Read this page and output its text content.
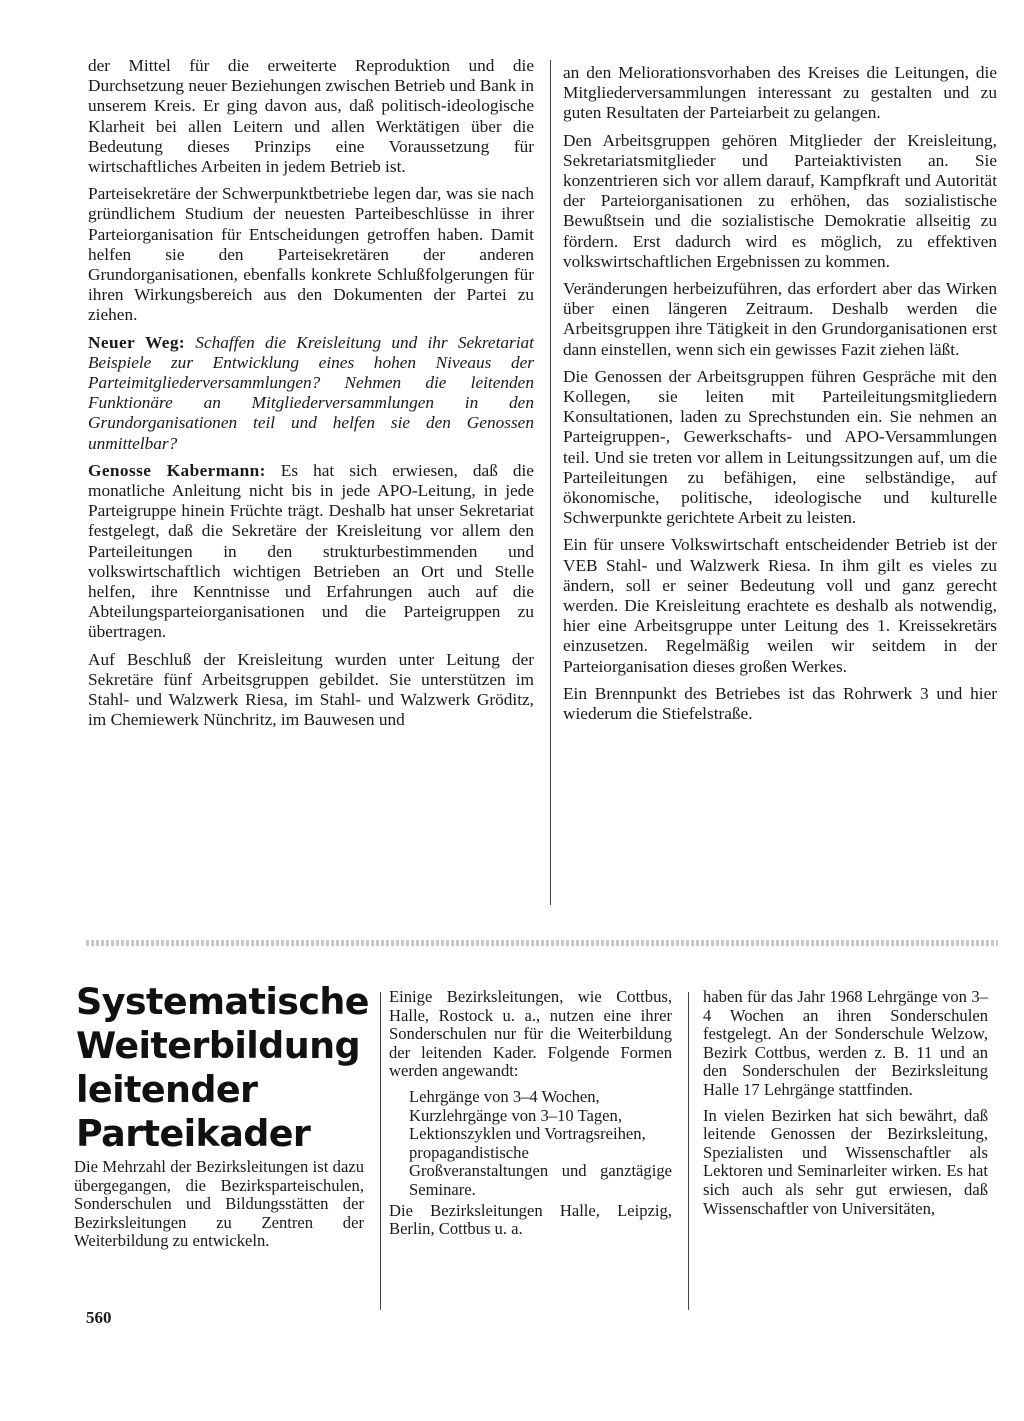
der Mittel für die erweiterte Reproduktion und die Durchsetzung neuer Beziehungen zwischen Betrieb und Bank in unserem Kreis. Er ging davon aus, daß politisch-ideologische Klarheit bei allen Leitern und allen Werktätigen über die Bedeutung dieses Prinzips eine Voraussetzung für wirtschaftliches Arbeiten in jedem Betrieb ist.

Parteisekretäre der Schwerpunktbetriebe legen dar, was sie nach gründlichem Studium der neuesten Parteibeschlüsse in ihrer Parteiorganisation für Entscheidungen getroffen haben. Damit helfen sie den Parteisekretären der anderen Grundorganisationen, ebenfalls konkrete Schlußfolgerungen für ihren Wirkungsbereich aus den Dokumenten der Partei zu ziehen.

Neuer Weg: Schaffen die Kreisleitung und ihr Sekretariat Beispiele zur Entwicklung eines hohen Niveaus der Parteimitgliederversammlungen? Nehmen die leitenden Funktionäre an Mitgliederversammlungen in den Grundorganisationen teil und helfen sie den Genossen unmittelbar?

Genosse Kabermann: Es hat sich erwiesen, daß die monatliche Anleitung nicht bis in jede APO-Leitung, in jede Parteigruppe hinein Früchte trägt. Deshalb hat unser Sekretariat festgelegt, daß die Sekretäre der Kreisleitung vor allem den Parteileitungen in den strukturbestimmenden und volkswirtschaftlich wichtigen Betrieben an Ort und Stelle helfen, ihre Kenntnisse und Erfahrungen auch auf die Abteilungsparteiorganisationen und die Parteigruppen zu übertragen.

Auf Beschluß der Kreisleitung wurden unter Leitung der Sekretäre fünf Arbeitsgruppen gebildet. Sie unterstützen im Stahl- und Walzwerk Riesa, im Stahl- und Walzwerk Gröditz, im Chemiewerk Nünchritz, im Bauwesen und

an den Meliorationsvorhaben des Kreises die Leitungen, die Mitgliederversammlungen interessant zu gestalten und zu guten Resultaten der Parteiarbeit zu gelangen.

Den Arbeitsgruppen gehören Mitglieder der Kreisleitung, Sekretariatsmitglieder und Parteiaktivisten an. Sie konzentrieren sich vor allem darauf, Kampfkraft und Autorität der Parteiorganisationen zu erhöhen, das sozialistische Bewußtsein und die sozialistische Demokratie allseitig zu fördern. Erst dadurch wird es möglich, zu effektiven volkswirtschaftlichen Ergebnissen zu kommen.

Veränderungen herbeizuführen, das erfordert aber das Wirken über einen längeren Zeitraum. Deshalb werden die Arbeitsgruppen ihre Tätigkeit in den Grundorganisationen erst dann einstellen, wenn sich ein gewisses Fazit ziehen läßt.

Die Genossen der Arbeitsgruppen führen Gespräche mit den Kollegen, sie leiten mit Parteileitungsmitgliedern Konsultationen, laden zu Sprechstunden ein. Sie nehmen an Parteigruppen-, Gewerkschafts- und APO-Versammlungen teil. Und sie treten vor allem in Leitungssitzungen auf, um die Parteileitungen zu befähigen, eine selbständige, auf ökonomische, politische, ideologische und kulturelle Schwerpunkte gerichtete Arbeit zu leisten.

Ein für unsere Volkswirtschaft entscheidender Betrieb ist der VEB Stahl- und Walzwerk Riesa. In ihm gilt es vieles zu ändern, soll er seiner Bedeutung voll und ganz gerecht werden. Die Kreisleitung erachtete es deshalb als notwendig, hier eine Arbeitsgruppe unter Leitung des 1. Kreissekretärs einzusetzen. Regelmäßig weilen wir seitdem in der Parteiorganisation dieses großen Werkes.

Ein Brennpunkt des Betriebes ist das Rohrwerk 3 und hier wiederum die Stiefelstraße.

Systematische Weiterbildung leitender Parteikader

Die Mehrzahl der Bezirksleitungen ist dazu übergegangen, die Bezirksparteischulen, Sonderschulen und Bildungsstätten der Bezirksleitungen zu Zentren der Weiterbildung zu entwickeln.

Einige Bezirksleitungen, wie Cottbus, Halle, Rostock u. a., nutzen eine ihrer Sonderschulen nur für die Weiterbildung der leitenden Kader. Folgende Formen werden angewandt:

Lehrgänge von 3–4 Wochen,
Kurzlehrgänge von 3–10 Tagen,
Lektionszyklen und Vortragsreihen,
propagandistische Großveranstaltungen und ganztägige Seminare.

Die Bezirksleitungen Halle, Leipzig, Berlin, Cottbus u. a.

haben für das Jahr 1968 Lehrgänge von 3–4 Wochen an ihren Sonderschulen festgelegt. An der Sonderschule Welzow, Bezirk Cottbus, werden z. B. 11 und an den Sonderschulen der Bezirksleitung Halle 17 Lehrgänge stattfinden.

In vielen Bezirken hat sich bewährt, daß leitende Genossen der Bezirksleitung, Spezialisten und Wissenschaftler als Lektoren und Seminarleiter wirken. Es hat sich auch als sehr gut erwiesen, daß Wissenschaftler von Universitäten,

560
